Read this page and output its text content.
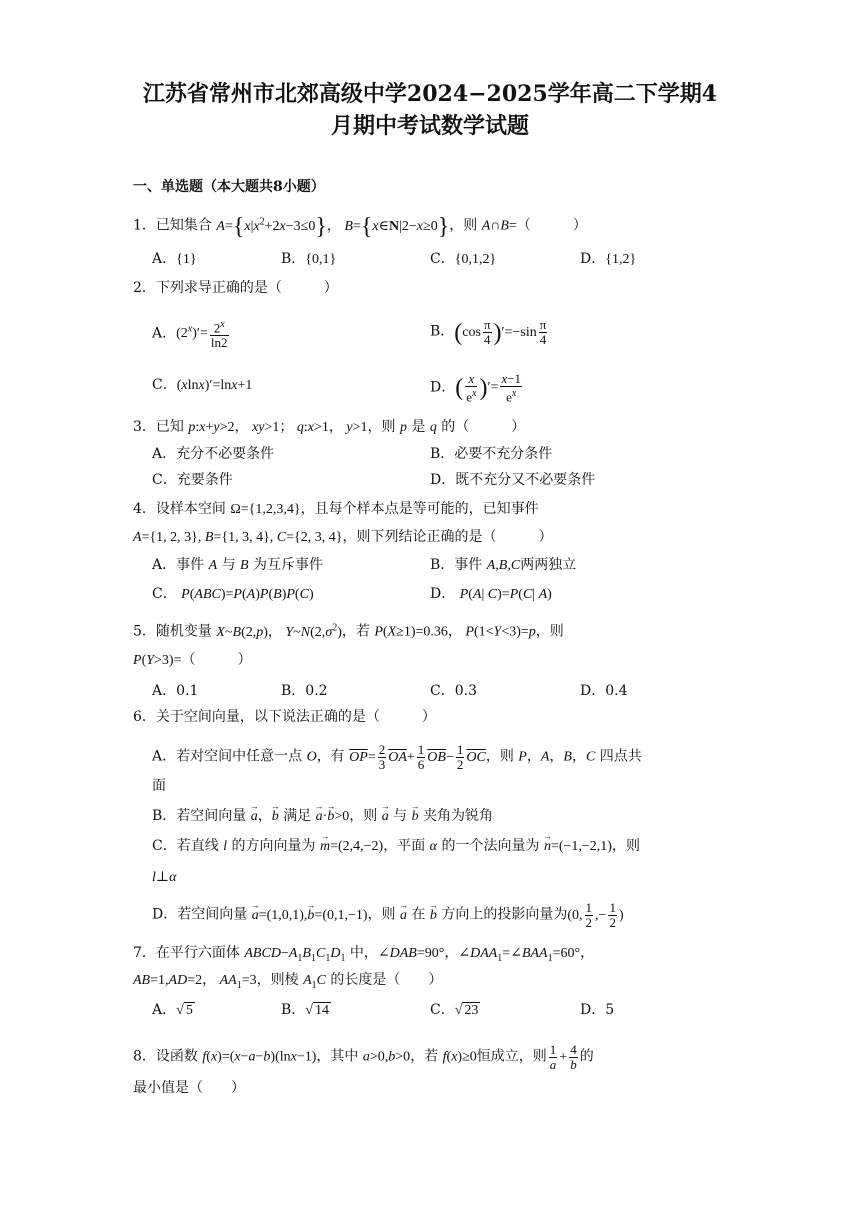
江苏省常州市北郊高级中学2024−2025学年高二下学期4
月期中考试数学试题
一、单选题（本大题共8小题）
1．已知集合 $A=\{x|x^2+2x-3\le 0\}$， B={x∈N|2−x≥0}，则 A∩B=（　　　）
A．{1}	B．{0,1}	C．{0,1,2}	D．{1,2}
2．下列求导正确的是（　　　）
A．$(2^x)'= \frac{2^x}{\ln 2}$	B．$(\cos \frac{\pi}{4} )'=-\sin \frac{\pi}{4}$
C．(xlnx)′=lnx+1	D．( $\frac{x}{e^x}$ )′= $\frac{x-1}{e^x}$
3．已知 p:x+y>2， xy>1； q:x>1， y>1，则 p 是 q 的（　　　）
A．充分不必要条件	B．必要不充分条件
C．充要条件	D．既不充分又不必要条件
4．设样本空间 Ω={1,2,3,4}，且每个样本点是等可能的，已知事件
A={1, 2, 3}, B={1, 3, 4}, C={2, 3, 4}，则下列结论正确的是（　　　）
A．事件 A 与 B 为互斥事件	B．事件 A,B,C两两独立
C． P(ABC)=P(A)P(B)P(C)	D． P(A| C)=P(C| A)
5．随机变量 X~B(2,p)， $Y\sim N(2,\sigma^2)$，若 P(X≥1)=0.36， P(1<Y<3)=p，则
P(Y>3)=（　　　）
A．0.1	B．0.2	C．0.3	D．0.4
6．关于空间向量，以下说法正确的是（　　　）
A．若对空间中任意一点 O，有 $\overline{OP}= \frac{2}{3} \overline{OA}+ \frac{1}{6} \overline{OB}- \frac{1}{2} \overline{OC}$，则 P，A，B，C 四点共
面
B．若空间向量 → a，→ b 满足 → a·→ b>0，则 → a 与 → b 夹角为锐角
C．若直线 l 的方向向量为 → m=(2,4,−2)，平面 α 的一个法向量为 → n=(−1,−2,1)，则
l⊥α
D．若空间向量 → a=(1,0,1),→ b=(0,1,−1)，则 → a 在 → b 方向上的投影向量为(0, $\frac{1}{2}$ ,− $\frac{1}{2}$ )
7．在平行六面体 $ABCD-A_1B_1C_1D_1$ 中，∠DAB=90°，$\angle DAA_1=\angle BAA_1=60^\circ$，
AB=1,AD=2， $AA_1=3$，则棱 $A_1C$ 的长度是（　　）
A．√ 5	B．√ 14	C．√ 23	D．5
8．设函数 f(x)=(x−a−b)(lnx−1)，其中 a>0,b>0，若 f(x)≥0恒成立，则 $\frac{1}{a} + \frac{4}{b}$ 的
最小值是（　　）
